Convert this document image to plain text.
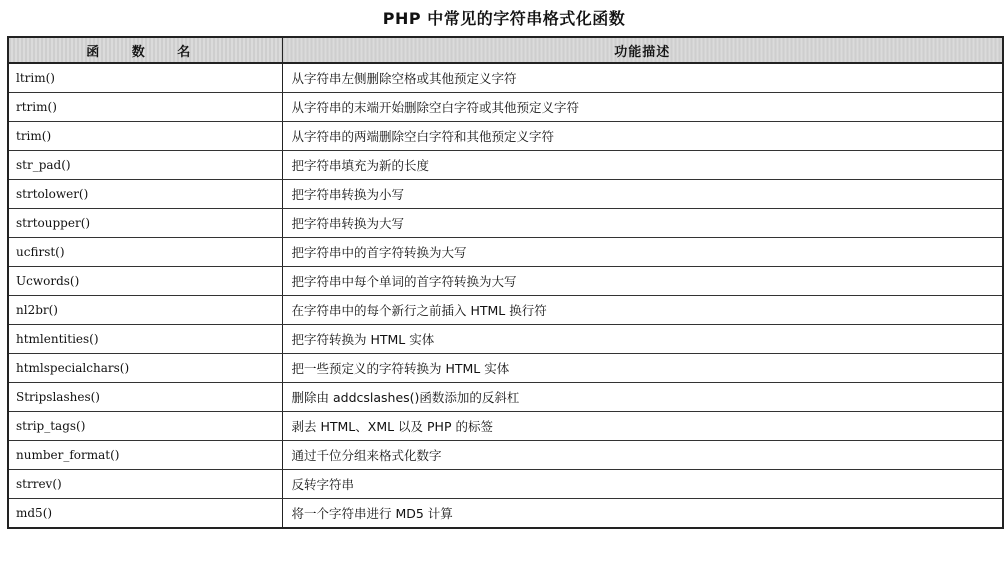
PHP 中常见的字符串格式化函数
函 数 名	功能描述
ltrim()	从字符串左侧删除空格或其他预定义字符
rtrim()	从字符串的末端开始删除空白字符或其他预定义字符
trim()	从字符串的两端删除空白字符和其他预定义字符
str_pad()	把字符串填充为新的长度
strtolower()	把字符串转换为小写
strtoupper()	把字符串转换为大写
ucfirst()	把字符串中的首字符转换为大写
Ucwords()	把字符串中每个单词的首字符转换为大写
nl2br()	在字符串中的每个新行之前插入 HTML 换行符
htmlentities()	把字符转换为 HTML 实体
htmlspecialchars()	把一些预定义的字符转换为 HTML 实体
Stripslashes()	删除由 addcslashes()函数添加的反斜杠
strip_tags()	剥去 HTML、XML 以及 PHP 的标签
number_format()	通过千位分组来格式化数字
strrev()	反转字符串
md5()	将一个字符串进行 MD5 计算
